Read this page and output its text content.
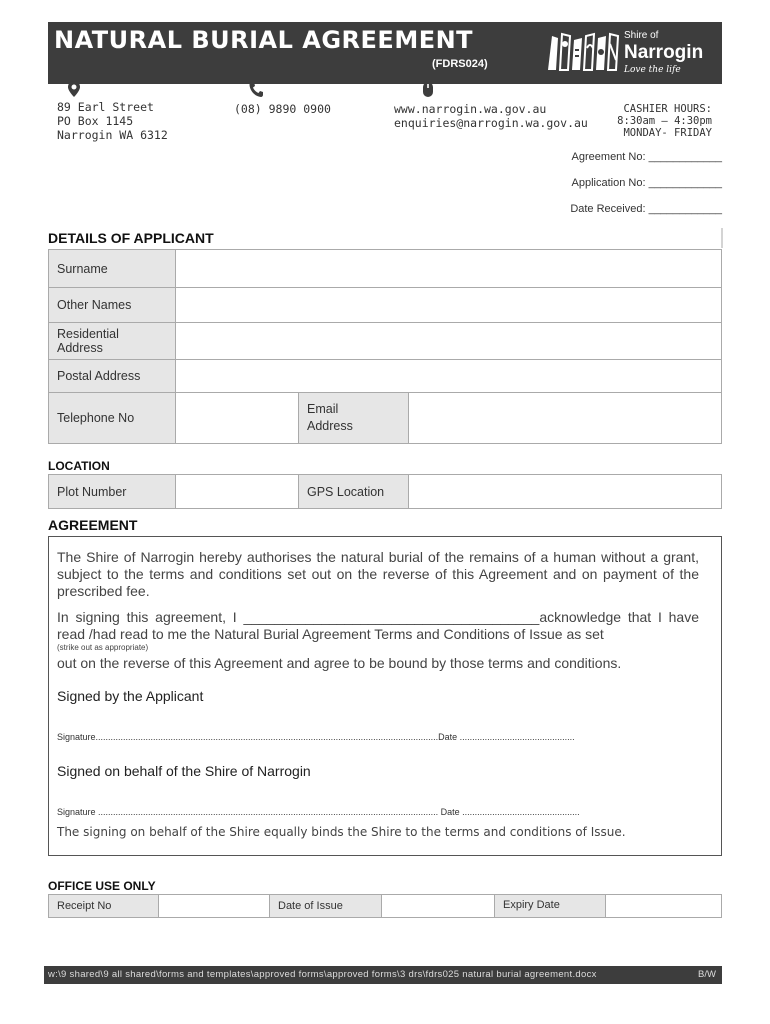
NATURAL BURIAL AGREEMENT
(FDRS024)
Shire of
Narrogin
Love the life
89 Earl Street
PO Box 1145
Narrogin WA 6312
(08) 9890 0900	www.narrogin.wa.gov.au
enquiries@narrogin.wa.gov.au
CASHIER HOURS:
8:30am – 4:30pm
MONDAY- FRIDAY
Agreement No: ____________
Application No: ____________
Date Received: ____________
DETAILS OF APPLICANT
Surname			
Other Names			

Residential
Address			

Postal Address			
Telephone No		Email
Address	

LOCATION
Plot Number		GPS Location	
AGREEMENT
The Shire of Narrogin hereby authorises the natural burial of the remains of a human without a grant, subject to the terms and conditions set out on the reverse of this Agreement and on payment of the prescribed fee.
In signing this agreement, I ______________________________________acknowledge that I have read /had read to me the Natural Burial Agreement Terms and Conditions of Issue as set
(strike out as appropriate)
out on the reverse of this Agreement and agree to be bound by those terms and conditions.
Signed by the Applicant
Signature.........................................................................................................................................Date ..............................................
Signed on behalf of the Shire of Narrogin
Signature ........................................................................................................................................ Date ...............................................
The signing on behalf of the Shire equally binds the Shire to the terms and conditions of Issue.
OFFICE USE ONLY
Receipt No		Date of Issue		Expiry Date	
w:\9 shared\9 all shared\forms and templates\approved forms\approved forms\3 drs\fdrs025 natural burial agreement.docx	B/W
